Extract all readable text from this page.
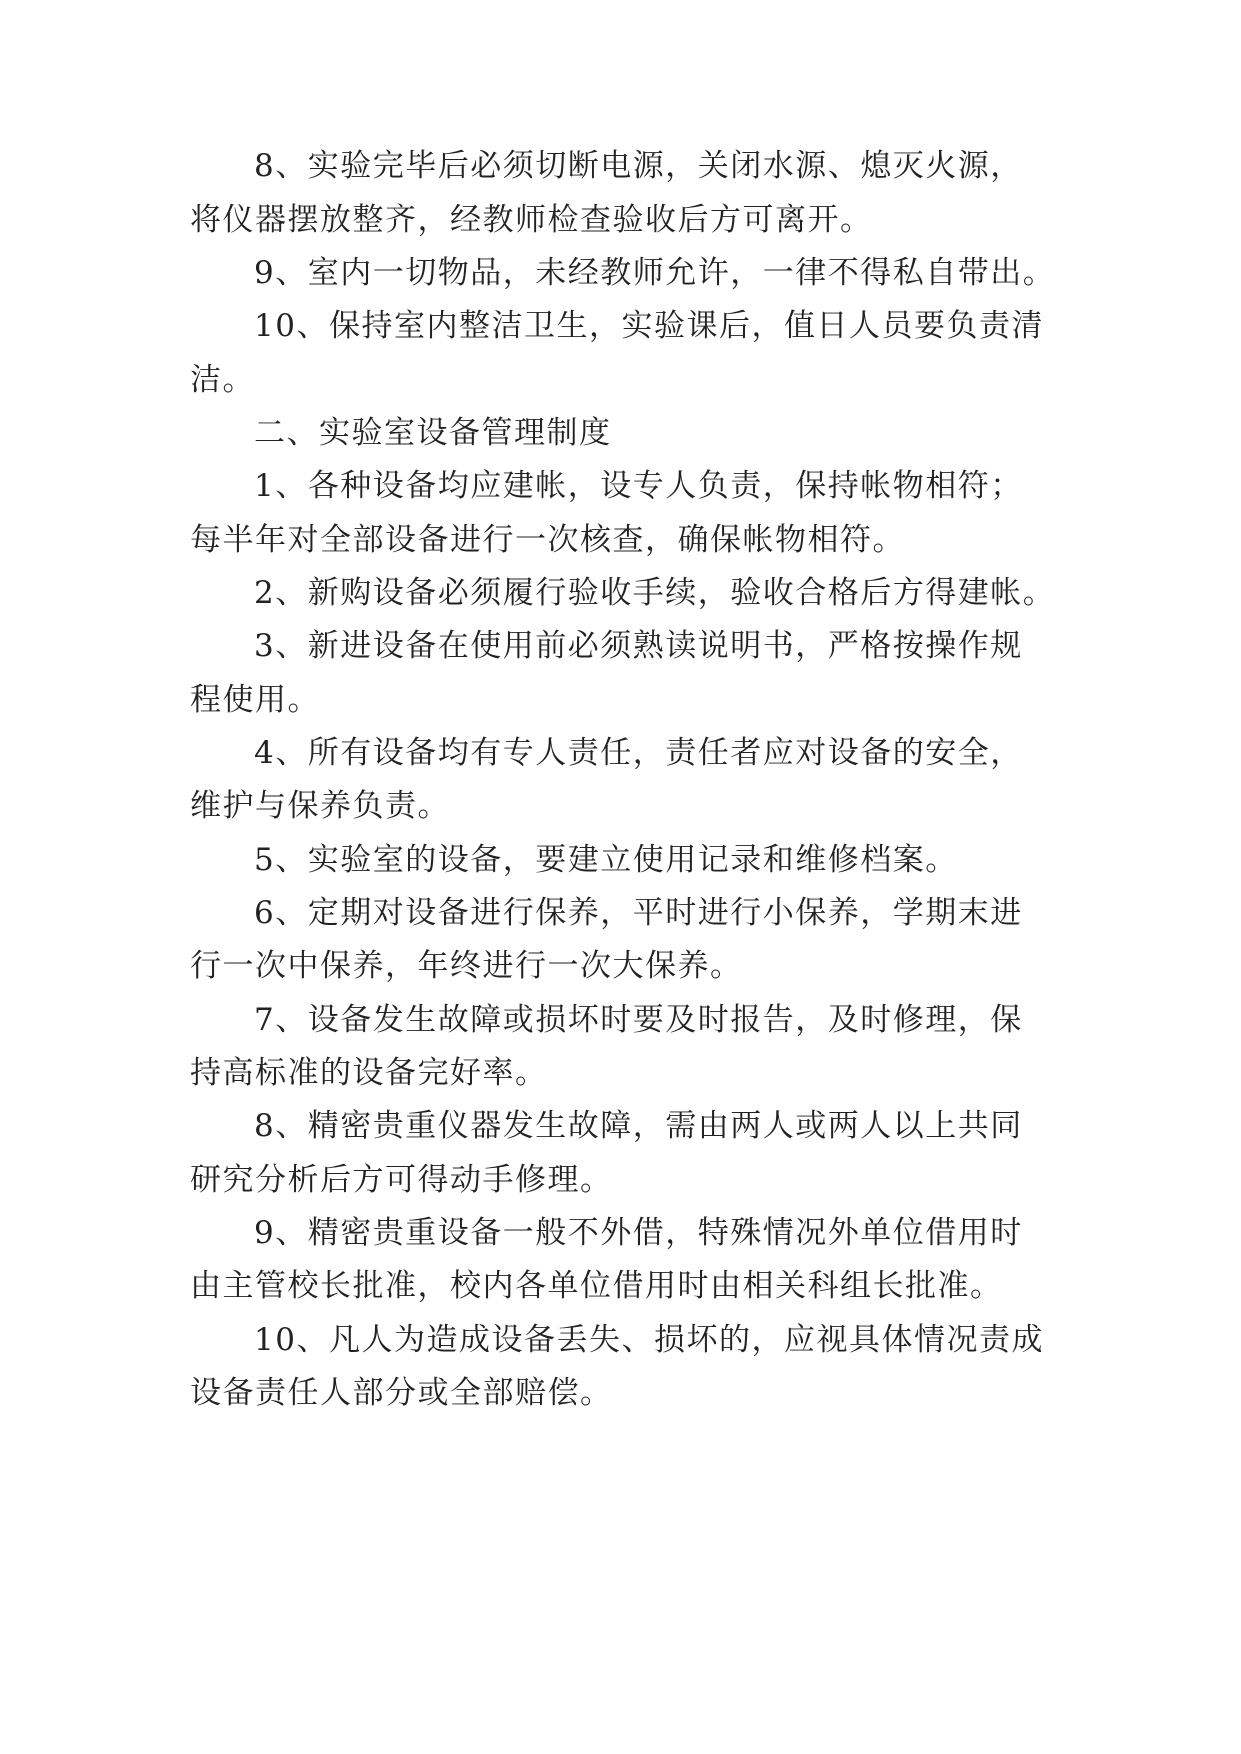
8、实验完毕后必须切断电源，关闭水源、熄灭火源，
将仪器摆放整齐，经教师检查验收后方可离开。
9、室内一切物品，未经教师允许，一律不得私自带出。
10、保持室内整洁卫生，实验课后，值日人员要负责清
洁。
二、实验室设备管理制度
1、各种设备均应建帐，设专人负责，保持帐物相符；
每半年对全部设备进行一次核查，确保帐物相符。
2、新购设备必须履行验收手续，验收合格后方得建帐。
3、新进设备在使用前必须熟读说明书，严格按操作规
程使用。
4、所有设备均有专人责任，责任者应对设备的安全，
维护与保养负责。
5、实验室的设备，要建立使用记录和维修档案。
6、定期对设备进行保养，平时进行小保养，学期末进
行一次中保养，年终进行一次大保养。
7、设备发生故障或损坏时要及时报告，及时修理，保
持高标准的设备完好率。
8、精密贵重仪器发生故障，需由两人或两人以上共同
研究分析后方可得动手修理。
9、精密贵重设备一般不外借，特殊情况外单位借用时
由主管校长批准，校内各单位借用时由相关科组长批准。
10、凡人为造成设备丢失、损坏的，应视具体情况责成
设备责任人部分或全部赔偿。
